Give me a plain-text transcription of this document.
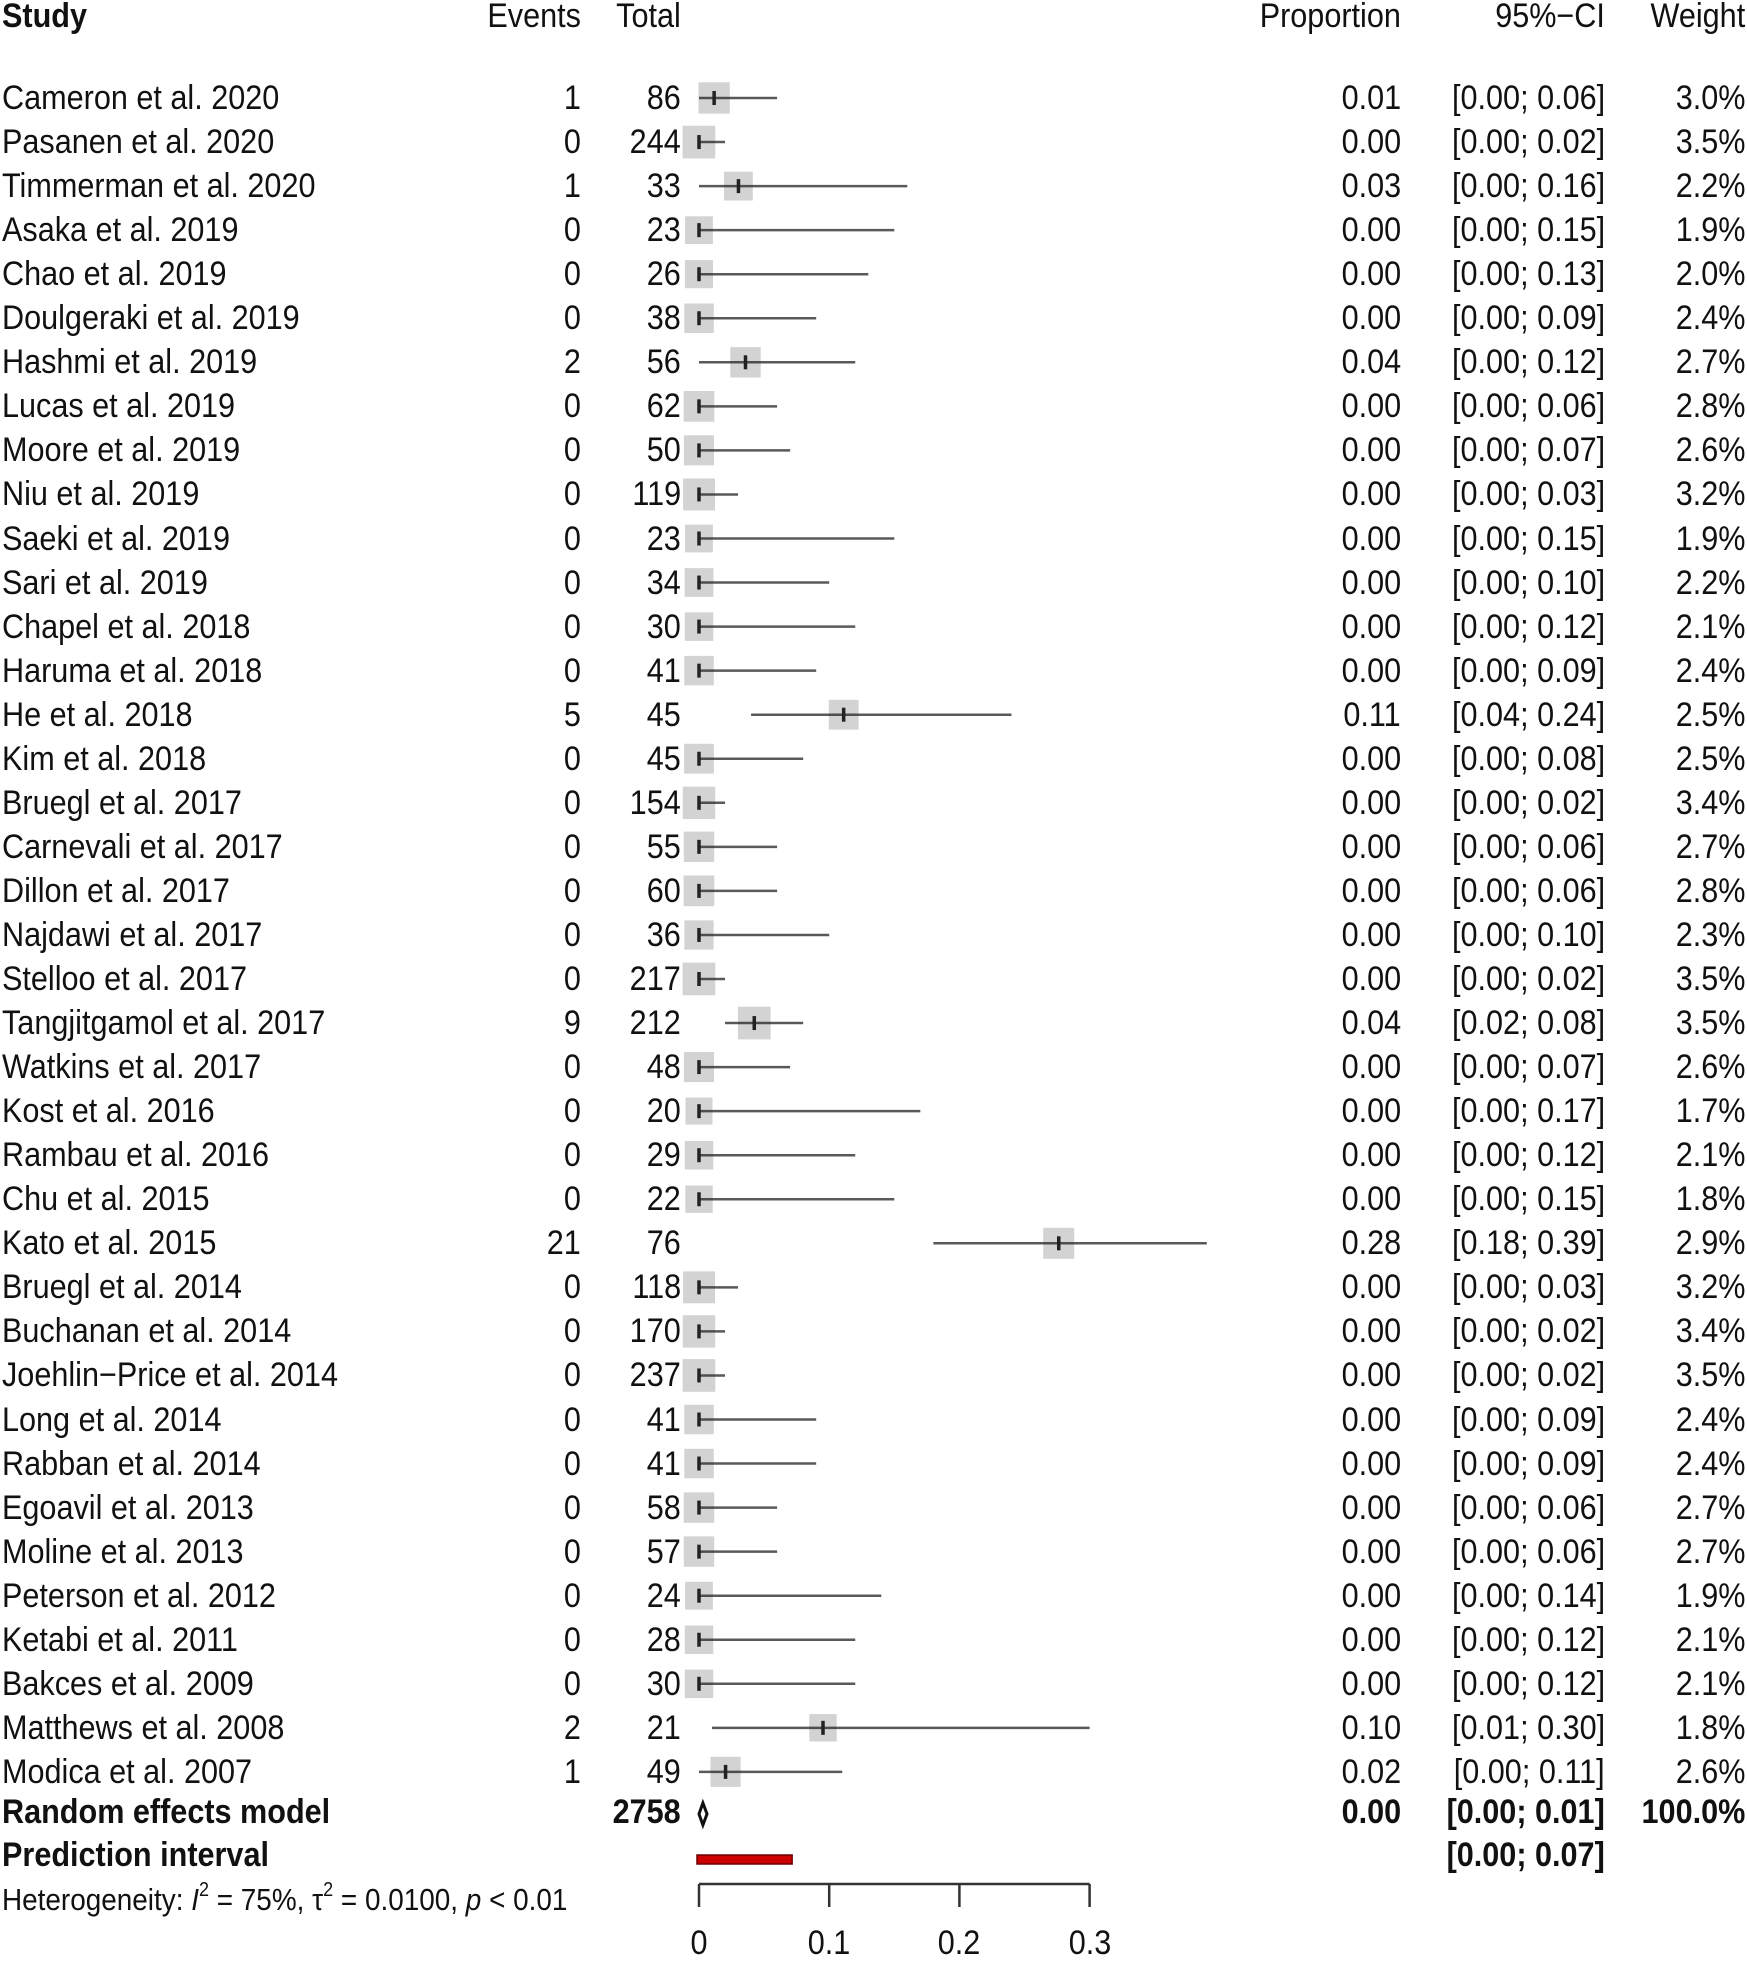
Study	Events Total	Proportion	95%−CI Weight
Cameron et al. 2020	1 86	0.01 [0.00; 0.06] 3.0%
Pasanen et al. 2020	0 244	0.00 [0.00; 0.02] 3.5%
Timmerman et al. 2020	1 33	0.03 [0.00; 0.16] 2.2%
Asaka et al. 2019	0 23	0.00 [0.00; 0.15] 1.9%
Chao et al. 2019	0 26	0.00 [0.00; 0.13] 2.0%
Doulgeraki et al. 2019	0 38	0.00 [0.00; 0.09] 2.4%
Hashmi et al. 2019	2 56	0.04 [0.00; 0.12] 2.7%
Lucas et al. 2019	0 62	0.00 [0.00; 0.06] 2.8%
Moore et al. 2019	0 50	0.00 [0.00; 0.07] 2.6%
Niu et al. 2019	0 119	0.00 [0.00; 0.03] 3.2%
Saeki et al. 2019	0 23	0.00 [0.00; 0.15] 1.9%
Sari et al. 2019	0 34	0.00 [0.00; 0.10] 2.2%
Chapel et al. 2018	0 30	0.00 [0.00; 0.12] 2.1%
Haruma et al. 2018	0 41	0.00 [0.00; 0.09] 2.4%
He et al. 2018	5 45	0.11 [0.04; 0.24] 2.5%
Kim et al. 2018	0 45	0.00 [0.00; 0.08] 2.5%
Bruegl et al. 2017	0 154	0.00 [0.00; 0.02] 3.4%
Carnevali et al. 2017	0 55	0.00 [0.00; 0.06] 2.7%
Dillon et al. 2017	0 60	0.00 [0.00; 0.06] 2.8%
Najdawi et al. 2017	0 36	0.00 [0.00; 0.10] 2.3%
Stelloo et al. 2017	0 217	0.00 [0.00; 0.02] 3.5%
Tangjitgamol et al. 2017	9 212	0.04 [0.02; 0.08] 3.5%
Watkins et al. 2017	0 48	0.00 [0.00; 0.07] 2.6%
Kost et al. 2016	0 20	0.00 [0.00; 0.17] 1.7%
Rambau et al. 2016	0 29	0.00 [0.00; 0.12] 2.1%
Chu et al. 2015	0 22	0.00 [0.00; 0.15] 1.8%
Kato et al. 2015	21 76	0.28 [0.18; 0.39] 2.9%
Bruegl et al. 2014	0 118	0.00 [0.00; 0.03] 3.2%
Buchanan et al. 2014	0 170	0.00 [0.00; 0.02] 3.4%
Joehlin−Price et al. 2014	0 237	0.00 [0.00; 0.02] 3.5%
Long et al. 2014	0 41	0.00 [0.00; 0.09] 2.4%
Rabban et al. 2014	0 41	0.00 [0.00; 0.09] 2.4%
Egoavil et al. 2013	0 58	0.00 [0.00; 0.06] 2.7%
Moline et al. 2013	0 57	0.00 [0.00; 0.06] 2.7%
Peterson et al. 2012	0 24	0.00 [0.00; 0.14] 1.9%
Ketabi et al. 2011	0 28	0.00 [0.00; 0.12] 2.1%
Bakces et al. 2009	0 30	0.00 [0.00; 0.12] 2.1%
Matthews et al. 2008	2 21	0.10 [0.01; 0.30] 1.8%
Modica et al. 2007	1 49	0.02 [0.00; 0.11] 2.6%
Random effects model	2758	0.00 [0.00; 0.01] 100.0%
Prediction interval	[0.00; 0.07]
Heterogeneity: $I^2 = 75\%$, $\tau^2 = 0.0100$, p < 0.01
0	0.1	0.2	0.3
